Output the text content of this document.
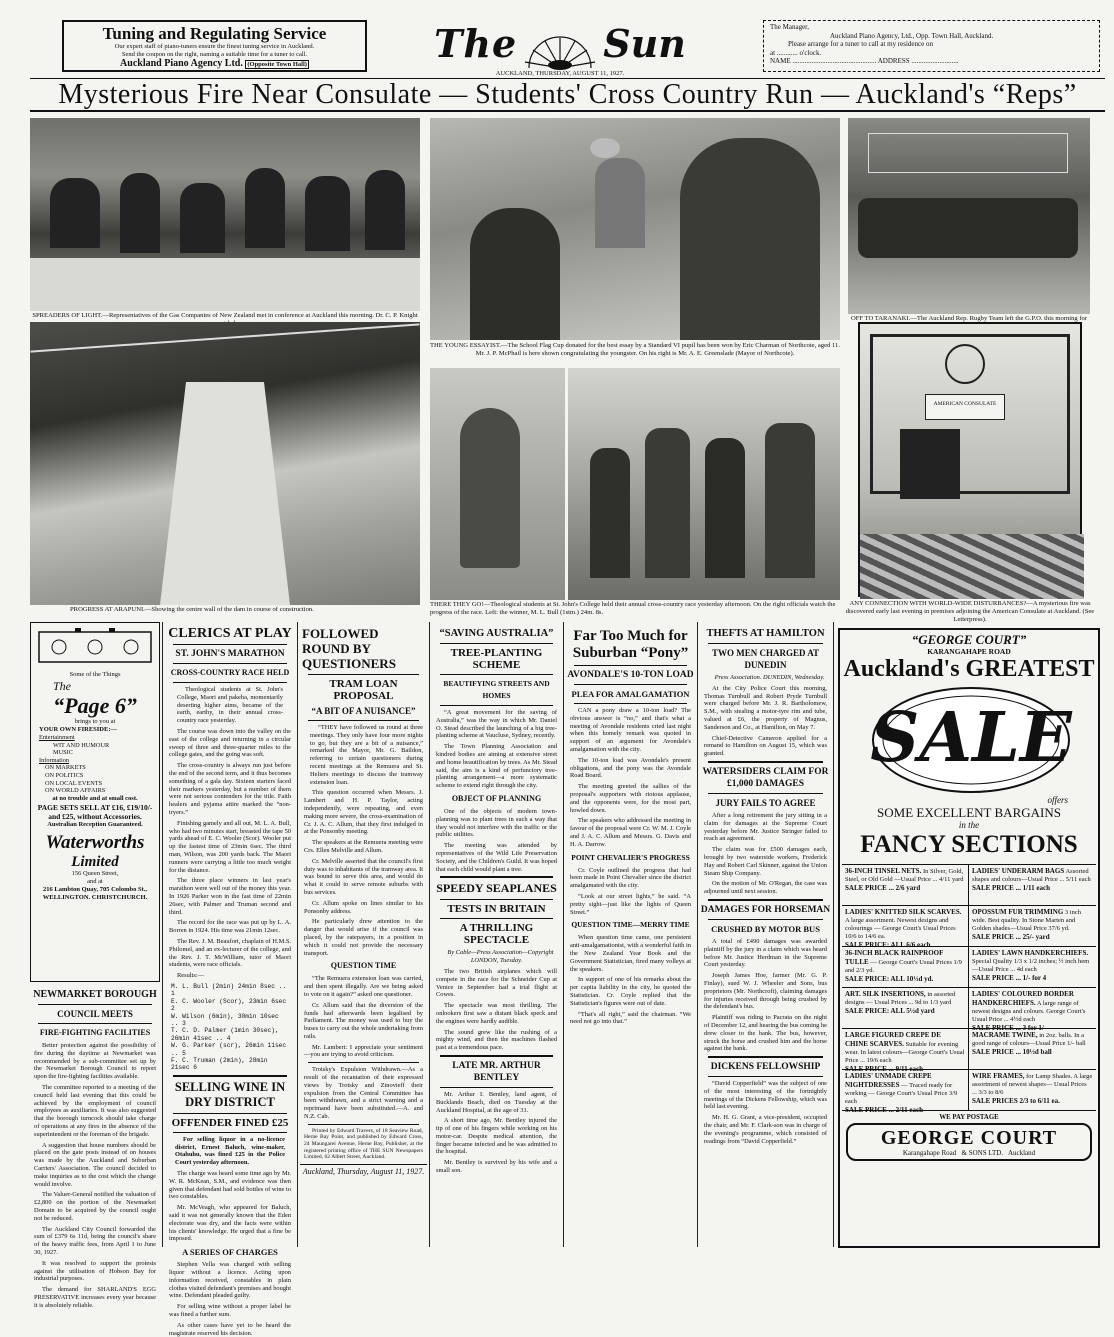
Tuning and Regulating Service
Our expert staff of piano-tuners ensure the finest tuning service in Auckland.
Send the coupon on the right, naming a suitable time for a tuner to call.
Auckland Piano Agency Ltd. (Opposite Town Hall)	The Sun
AUCKLAND, THURSDAY, AUGUST 11, 1927.
The Manager,
Auckland Piano Agency, Ltd., Opp. Town Hall, Auckland.
Please arrange for a tuner to call at my residence on
at ............ o'clock.
NAME ................................................ ADDRESS ...........................
Mysterious Fire Near Consulate — Students' Cross Country Run — Auckland's “Reps”
SPREADERS OF LIGHT.—Representatives of the Gas Companies of New Zealand met in conference at Auckland this morning. Dr. C. P. Knight
THE YOUNG ESSAYIST.—The School Flag Cup donated for the best essay by a Standard VI pupil has been won by Eric Charman of Northcote, aged 11. Mr. J. P. McPhail is here shown congratulating the youngster. On his right is Mr. A. E. Greenslade (Mayor of Northcote).
OFF TO TARANAKI.—The Auckland Rep. Rugby Team left the G.P.O. this morning for
PROGRESS AT ARAPUNI.—Showing the centre wall of the dam in course of construction.
THERE THEY GO!—Theological students at St. John's College held their annual cross-country race yesterday afternoon. On the right officials watch the progress of the race. Left: the winner, M. L. Bull (1stm.) 24m. 8s.
AMERICAN CONSULATE
ANY CONNECTION WITH WORLD-WIDE DISTURBANCES?—A mysterious fire was discovered early last evening in premises adjoining the American Consulate at Auckland. (See Letterpress).
Some of the Things
The
“Page 6”
brings to you at
YOUR OWN FIRESIDE:—
Entertainment
WIT AND HUMOUR
MUSIC
Information
ON MARKETS
ON POLITICS
ON LOCAL EVENTS
ON WORLD AFFAIRS
at no trouble and at small cost.
PAGE SETS SELL AT £16, £19/10/- and £25, without Accessories.
Australian Reception Guaranteed.
Waterworths
Limited
156 Queen Street,
and at
216 Lambton Quay, 705 Colombo St.,
WELLINGTON. CHRISTCHURCH.
NEWMARKET BOROUGH
COUNCIL MEETS
FIRE-FIGHTING FACILITIES

Better protection against the possibility of fire during the daytime at Newmarket was recommended by a sub-committee set up by the Newmarket Borough Council to report upon the fire-fighting facilities available.

The committee reported to a meeting of the council held last evening that this could be achieved by the employment of council employees as auxiliaries. It was also suggested that the borough turncock should take charge of operations at any fires in the absence of the superintendent or the foreman of the brigade.

A suggestion that house numbers should be placed on the gate posts instead of on houses was made by the Auckland and Suburban Carriers' Association. The council decided to make inquiries as to the cost which the change would involve.

The Valuer-General notified the valuation of £2,800 on the portion of the Newmarket Domain to be acquired by the council ought not be reduced.

The Auckland City Council forwarded the sum of £379 6s 11d, being the council's share of the heavy traffic fees, from April 1 to June 30, 1927.

It was resolved to support the protests against the utilisation of Hobson Bay for industrial purposes.

The demand for SHARLAND'S EGG PRESERVATIVE increases every year because it is absolutely reliable.

CLERICS AT PLAY
ST. JOHN'S MARATHON
CROSS-COUNTRY RACE HELD

Theological students at St. John's College, Maori and pakeha, momentarily deserting higher aims, became of the earth, earthy, in their annual cross-country race yesterday.

The course was down into the valley on the east of the college and returning in a circular sweep of three and three-quarter miles to the college gates, and the going was soft.

The cross-country is always run just before the end of the second term, and it thus becomes something of a gala day. Sixteen starters faced their markers yesterday, but a number of them were not serious contenders for the title. Faith healers and pyjama attire marked the “non-tryers.”

Finishing gamely and all out, M. L. A. Bull, who had two minutes start, breasted the tape 50 yards ahead of E. C. Wooler (Scor). Wooler put up the fastest time of 23min 6sec. The third man, Wilson, was 200 yards back. The Maori runners were carrying a little too much weight for the distance.

The three place winners in last year's marathon were well out of the money this year. In 1926 Parker won in the fast time of 22min 26sec, with Palmer and Truman second and third.

The record for the race was put up by L. A. Borren in 1924. His time was 21min 12sec.

The Rev. J. M. Beaufort, chaplain of H.M.S. Philomel, and an ex-lecturer of the college, and the Rev. J. T. McWilliam, tutor of Maori students, were race officials.

Results:—
M. L. Bull (2min) 24min 8sec .. 1
E. C. Wooler (Scor), 23min 6sec 2
W. Wilson (6min), 30min 10sec .. 3
T. C. D. Palmer (1min 30sec), 26min 41sec .. 4
W. G. Parker (scr), 26min 11sec .. 5
F. C. Truman (2min), 28min 21sec 6
SELLING WINE IN DRY DISTRICT
OFFENDER FINED £25

For selling liquor in a no-licence district, Ernest Baluch, wine-maker, Otahuhu, was fined £25 in the Police Court yesterday afternoon.

The charge was heard some time ago by Mr. W. R. McKean, S.M., and evidence was then given that defendant had sold bottles of wine to two constables.

Mr. McVeagh, who appeared for Baluch, said it was not generally known that the Eden electorate was dry, and the facts were within his clients' knowledge. He urged that a fine be imposed.

A SERIES OF CHARGES

Stephen Vella was charged with selling liquor without a licence. Acting upon information received, constables in plain clothes visited defendant's premises and bought wine. Defendant pleaded guilty.

For selling wine without a proper label he was fined a further sum.

As other cases have yet to be heard the magistrate reserved his decision.

FOLLOWED ROUND BY QUESTIONERS
TRAM LOAN PROPOSAL
“A BIT OF A NUISANCE”

“THEY have followed us round at three meetings. They only have four more nights to go, but they are a bit of a nuisance,” remarked the Mayor, Mr. G. Baildon, referring to certain questioners during recent meetings at the Remuera and St. Heliers meetings to discuss the tramway extension loan.

This question occurred when Messrs. J. Lambert and H. P. Taylor, acting independently, were repeating, and even making more severe, the cross-examination of Cr. J. A. C. Allum, that they first indulged in at the Ponsonby meeting.

The speakers at the Remuera meeting were Crs. Ellen Melville and Allum.

Cr. Melville asserted that the council's first duty was to inhabitants of the tramway area. It was bound to serve this area, and would do what it could to serve remote suburbs with bus services.

Cr. Allum spoke on lines similar to his Ponsonby address.

He particularly drew attention to the danger that would arise if the council was placed, by the ratepayers, in a position in which it could not provide the necessary transport.

QUESTION TIME

“The Remuera extension loan was carried, and then spent illegally. Are we being asked to vote on it again?” asked one questioner.

Cr. Allum said that the diversion of the funds had afterwards been legalised by Parliament. The money was used to buy the buses to carry out the whole undertaking from rails.

Mr. Lambert: I appreciate your sentiment—you are trying to avoid criticism.

Trotsky's Expulsion Withdrawn.—As a result of the recantation of their expressed views by Trotsky and Zinovieff their expulsion from the Central Committee has been withdrawn, and a strict warning and a reprimand have been substituted.—A. and N.Z. Cab.

Printed by Edward Travers, of 18 Seaview Road, Herne Bay Point, and published by Edward Cross, 24 Maungarei Avenue, Herne Bay, Publisher, at the registered printing office of THE SUN Newspapers Limited, 62 Albert Street, Auckland.

Auckland, Thursday, August 11, 1927.
“SAVING AUSTRALIA”
TREE-PLANTING SCHEME
BEAUTIFYING STREETS AND HOMES

“A great movement for the saving of Australia,” was the way in which Mr. Daniel O. Stead described the launching of a big tree-planting scheme at Vaucluse, Sydney, recently.

The Town Planning Association and kindred bodies are aiming at extensive street and home beautification by trees. As Mr. Stead said, the aim is a kind of perfunctory tree-planting arrangement—a more systematic scheme to extend right through the city.

OBJECT OF PLANNING

One of the objects of modern town-planning was to plant trees in such a way that they would not interfere with the traffic or the public utilities.

The meeting was attended by representatives of the Wild Life Preservation Society, and the Children's Guild. It was hoped that each child would plant a tree.

SPEEDY SEAPLANES
TESTS IN BRITAIN
A THRILLING SPECTACLE
By Cable—Press Association—Copyright LONDON, Tuesday.

The two British airplanes which will compete in the race for the Schneider Cup at Venice in September had a trial flight at Cowes.

The spectacle was most thrilling. The onlookers first saw a distant black speck and the engines were hardly audible.

The sound grew like the rushing of a mighty wind, and then the machines flashed past at a tremendous pace.

LATE MR. ARTHUR BENTLEY

Mr. Arthur I. Bentley, land agent, of Bucklands Beach, died on Tuesday at the Auckland Hospital, at the age of 31.

A short time ago, Mr. Bentley injured the tip of one of his fingers while working on his motor-car. Despite medical attention, the finger became infected and he was admitted to the hospital.

Mr. Bentley is survived by his wife and a small son.

Far Too Much for Suburban “Pony”
AVONDALE'S 10-TON LOAD
PLEA FOR AMALGAMATION

CAN a pony draw a 10-ton load? The obvious answer is “no,” and that's what a meeting of Avondale residents cried last night when this homely remark was quoted in support of an argument for Avondale's amalgamation with the city.

The 10-ton load was Avondale's present obligations, and the pony was the Avondale Road Board.

The meeting greeted the sallies of the proposal's supporters with riotous applause, and the opponents were, for the most part, howled down.

The speakers who addressed the meeting in favour of the proposal were Cr. W. M. J. Coyle and J. A. C. Allum and Messrs. G. Davis and H. A. Darrow.

POINT CHEVALIER'S PROGRESS

Cr. Coyle outlined the progress that had been made in Point Chevalier since the district amalgamated with the city.

“Look at our street lights,” he said. “A pretty sight—just like the lights of Queen Street.”

QUESTION TIME—MERRY TIME

When question time came, one persistent anti-amalgamationist, with a wonderful faith in the New Zealand Year Book and the Government Statistician, fired many volleys at the speakers.

In support of one of his remarks about the per capita liability in the city, he quoted the Statistician. Cr. Coyle replied that the Statistician's figures were out of date.

“That's all right,” said the chairman. “We need not go into that.”

THEFTS AT HAMILTON
TWO MEN CHARGED AT DUNEDIN
Press Association. DUNEDIN, Wednesday.

At the City Police Court this morning, Thomas Turnbull and Robert Pryde Turnbull were charged before Mr. J. R. Bartholomew, S.M., with stealing a motor-tyre rim and tube, valued at £6, the property of Magnus, Sanderson and Co., at Hamilton, on May 7.

Chief-Detective Cameron applied for a remand to Hamilton on August 15, which was granted.

WATERSIDERS CLAIM FOR £1,000 DAMAGES
JURY FAILS TO AGREE

After a long retirement the jury sitting in a claim for damages at the Supreme Court yesterday before Mr. Justice Stringer failed to reach an agreement.

The claim was for £500 damages each, brought by two waterside workers, Frederick Hay and Robert Carl Skinner, against the Union Steam Ship Company.

On the motion of Mr. O'Regan, the case was adjourned until next session.

DAMAGES FOR HORSEMAN
CRUSHED BY MOTOR BUS

A total of £490 damages was awarded plaintiff by the jury in a claim which was heard before Mr. Justice Herdman in the Supreme Court yesterday.

Joseph James Hoe, farmer (Mr. G. P. Finlay), sued W. J. Wheeler and Sons, bus proprietors (Mr. Northcroft), claiming damages for injuries received through being crushed by the defendant's bus.

Plaintiff was riding to Pacrata on the night of December 12, and hearing the bus coming he drew closer to the bank. The bus, however, struck the horse and crushed him and the horse against the bank.

DICKENS FELLOWSHIP

“David Copperfield” was the subject of one of the most interesting of the fortnightly meetings of the Dickens Fellowship, which was held last evening.

Mr. H. G. Grant, a vice-president, occupied the chair, and Mr. F. Clark-son was in charge of the evening's programme, which consisted of readings from “David Copperfield.”

“GEORGE COURT”
KARANGAHAPE ROAD
Auckland's GREATEST
SALE
offers
SOME EXCELLENT BARGAINS
in the
FANCY SECTIONS
36-INCH TINSEL NETS. In Silver, Gold, Steel, or Old Gold —Usual Price ... 4/11 yard
SALE PRICE ... 2/6 yard
LADIES' UNDERARM BAGS Assorted shapes and colours—Usual Price ... 5/11 each
SALE PRICE ... 1/11 each
LADIES' KNITTED SILK SCARVES. A large assortment. Newest designs and colourings — George Court's Usual Prices 10/6 to 14/6 ea.
SALE PRICE: ALL 6/6 each
OPOSSUM FUR TRIMMING 3 inch wide. Best quality. In Stone Marten and Golden shades—Usual Price 37/6 yd.
SALE PRICE ... 25/- yard
36-INCH BLACK RAINPROOF TULLE — George Court's Usual Prices 1/9 and 2/3 yd.
SALE PRICE: ALL 10½d yd.
LADIES' LAWN HANDKERCHIEFS. Special Quality 1/3 x 1/2 inches; ½ inch hem —Usual Price ... 4d each
SALE PRICE ... 1/- for 4
ART. SILK INSERTIONS, in assorted designs — Usual Prices ... 9d to 1/3 yard
SALE PRICE: ALL 5½d yard
LADIES' COLOURED BORDER HANDKERCHIEFS. A large range of newest designs and colours. George Court's Usual Price ... 4½d each
SALE PRICE ... 3 for 1/-
LARGE FIGURED CREPE DE CHINE SCARVES. Suitable for evening wear. In latest colours—George Court's Usual Price ... 19/6 each
SALE PRICE ... 9/11 each
MACRAME TWINE, in 2oz. balls. In a good range of colours—Usual Price 1/- ball
SALE PRICE ... 10½d ball
LADIES' UNMADE CREPE NIGHTDRESSES — Traced ready for working — George Court's Usual Price 3/9 each
SALE PRICE ... 2/11 each
WIRE FRAMES, for Lamp Shades. A large assortment of newest shapes— Usual Prices ... 3/3 to 8/6
SALE PRICES 2/3 to 6/11 ea.
WE PAY POSTAGE
GEORGE COURT
Karangahape Road & SONS LTD. Auckland
